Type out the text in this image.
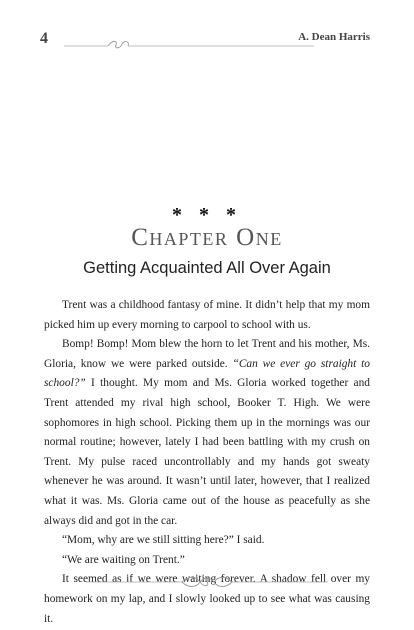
4	A. Dean Harris
* * *
Chapter One
Getting Acquainted All Over Again

Trent was a childhood fantasy of mine. It didn’t help that my mom picked him up every morning to carpool to school with us.

Bomp! Bomp! Mom blew the horn to let Trent and his mother, Ms. Gloria, know we were parked outside. “Can we ever go straight to school?” I thought. My mom and Ms. Gloria worked together and Trent attended my rival high school, Booker T. High. We were sophomores in high school. Picking them up in the mornings was our normal routine; however, lately I had been battling with my crush on Trent. My pulse raced uncontrollably and my hands got sweaty whenever he was around. It wasn’t until later, however, that I realized what it was. Ms. Gloria came out of the house as peacefully as she always did and got in the car.

“Mom, why are we still sitting here?” I said.

“We are waiting on Trent.”

It seemed as if we were waiting forever. A shadow fell over my homework on my lap, and I slowly looked up to see what was causing it.
